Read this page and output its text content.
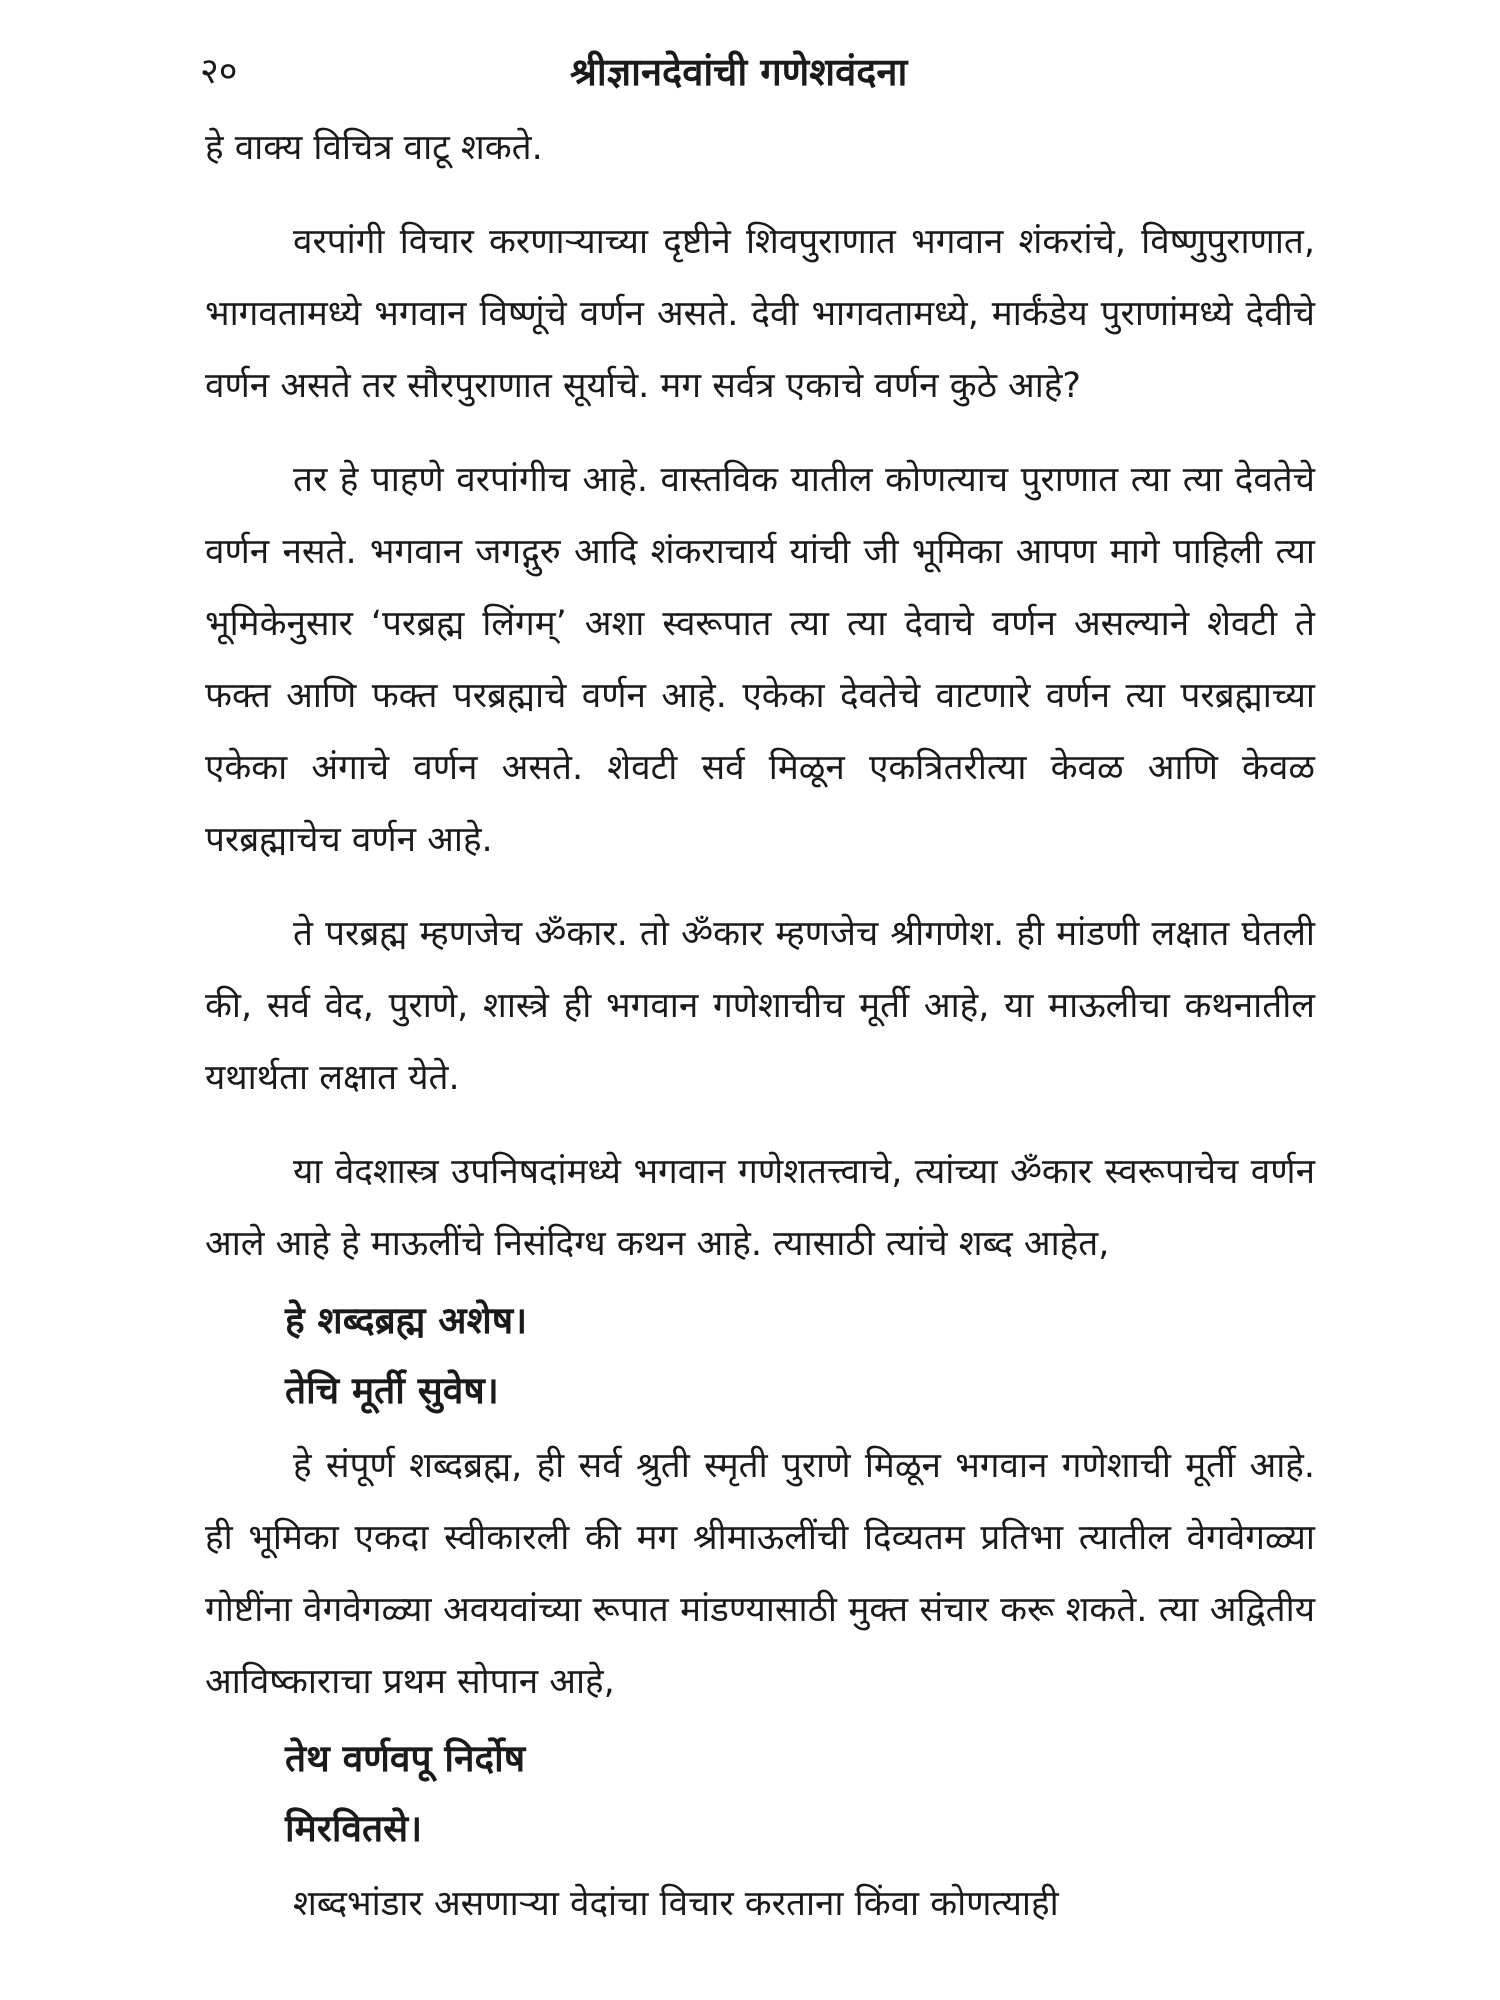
२०	श्रीज्ञानदेवांची गणेशवंदना

हे वाक्य विचित्र वाटू शकते.

वरपांगी विचार करणाऱ्याच्या दृष्टीने शिवपुराणात भगवान शंकरांचे, विष्णुपुराणात, भागवतामध्ये भगवान विष्णूंचे वर्णन असते. देवी भागवतामध्ये, मार्कंडेय पुराणांमध्ये देवीचे वर्णन असते तर सौरपुराणात सूर्याचे. मग सर्वत्र एकाचे वर्णन कुठे आहे?

तर हे पाहणे वरपांगीच आहे. वास्तविक यातील कोणत्याच पुराणात त्या त्या देवतेचे वर्णन नसते. भगवान जगद्गुरु आदि शंकराचार्य यांची जी भूमिका आपण मागे पाहिली त्या भूमिकेनुसार ‘परब्रह्म लिंगम्’ अशा स्वरूपात त्या त्या देवाचे वर्णन असल्याने शेवटी ते फक्त आणि फक्त परब्रह्माचे वर्णन आहे. एकेका देवतेचे वाटणारे वर्णन त्या परब्रह्माच्या एकेका अंगाचे वर्णन असते. शेवटी सर्व मिळून एकत्रितरीत्या केवळ आणि केवळ परब्रह्माचेच वर्णन आहे.

ते परब्रह्म म्हणजेच ॐकार. तो ॐकार म्हणजेच श्रीगणेश. ही मांडणी लक्षात घेतली की, सर्व वेद, पुराणे, शास्त्रे ही भगवान गणेशाचीच मूर्ती आहे, या माऊलीचा कथनातील यथार्थता लक्षात येते.

या वेदशास्त्र उपनिषदांमध्ये भगवान गणेशतत्त्वाचे, त्यांच्या ॐकार स्वरूपाचेच वर्णन आले आहे हे माऊलींचे निसंदिग्ध कथन आहे. त्यासाठी त्यांचे शब्द आहेत,

हे शब्दब्रह्म अशेष।

तेचि मूर्ती सुवेष।

हे संपूर्ण शब्दब्रह्म, ही सर्व श्रुती स्मृती पुराणे मिळून भगवान गणेशाची मूर्ती आहे. ही भूमिका एकदा स्वीकारली की मग श्रीमाऊलींची दिव्यतम प्रतिभा त्यातील वेगवेगळ्या गोष्टींना वेगवेगळ्या अवयवांच्या रूपात मांडण्यासाठी मुक्त संचार करू शकते. त्या अद्वितीय आविष्काराचा प्रथम सोपान आहे,

तेथ वर्णवपू निर्दोष

मिरवितसे।

शब्दभांडार असणाऱ्या वेदांचा विचार करताना किंवा कोणत्याही
